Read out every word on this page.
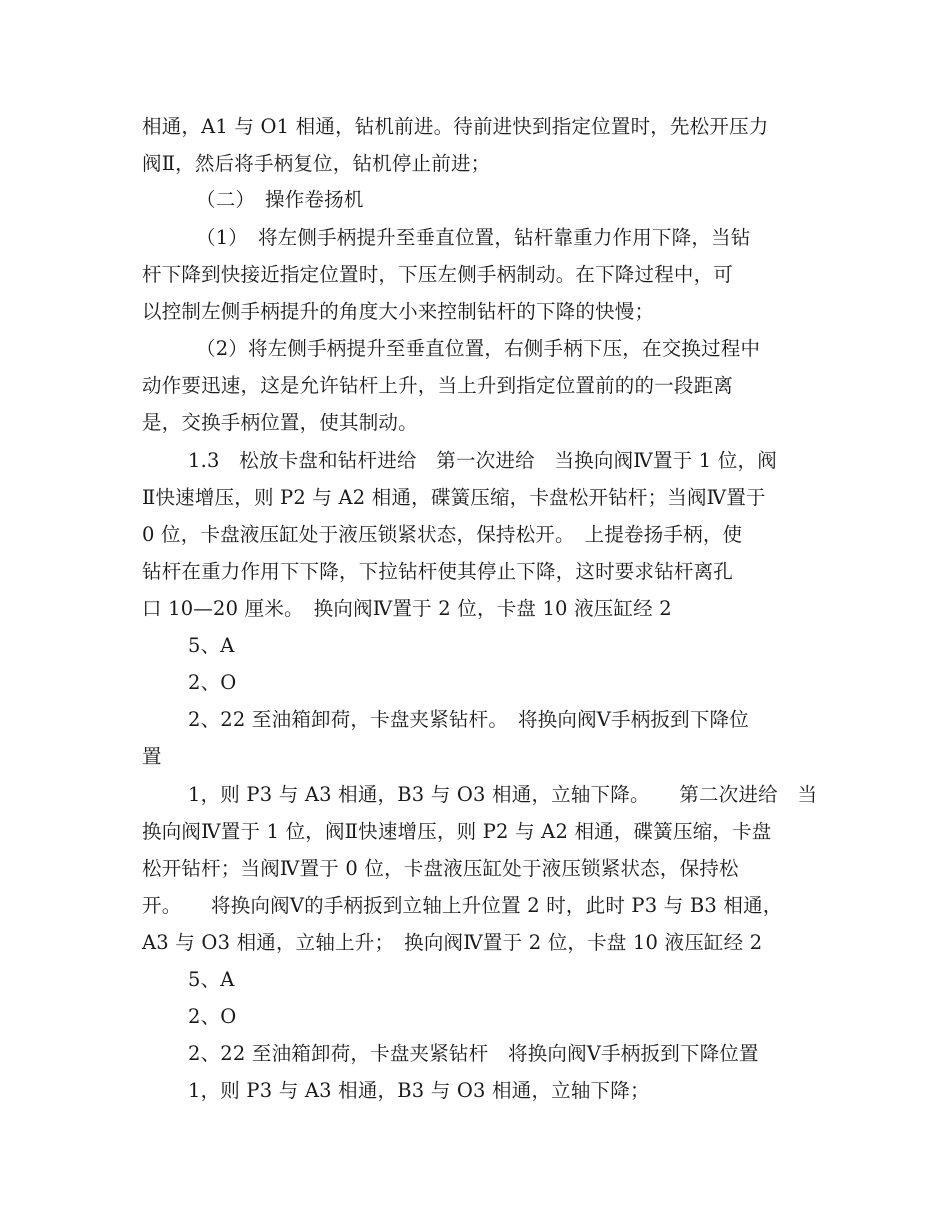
相通，A1 与 O1 相通，钻机前进。待前进快到指定位置时，先松开压力
阀Ⅱ，然后将手柄复位，钻机停止前进；
（二）　操作卷扬机
（1）　将左侧手柄提升至垂直位置，钻杆靠重力作用下降，当钻
杆下降到快接近指定位置时，下压左侧手柄制动。在下降过程中，可
以控制左侧手柄提升的角度大小来控制钻杆的下降的快慢；
（2）将左侧手柄提升至垂直位置，右侧手柄下压，在交换过程中
动作要迅速，这是允许钻杆上升，当上升到指定位置前的的一段距离
是，交换手柄位置，使其制动。
1.3　松放卡盘和钻杆进给　第一次进给　当换向阀Ⅳ置于 1 位，阀
Ⅱ快速增压，则 P2 与 A2 相通，碟簧压缩，卡盘松开钻杆；当阀Ⅳ置于
0 位，卡盘液压缸处于液压锁紧状态，保持松开。　上提卷扬手柄，使
钻杆在重力作用下下降，下拉钻杆使其停止下降，这时要求钻杆离孔
口 10—20 厘米。　换向阀Ⅳ置于 2 位，卡盘 10 液压缸经 2
5、A
2、O
2、22 至油箱卸荷，卡盘夹紧钻杆。　将换向阀Ⅴ手柄扳到下降位
置
1，则 P3 与 A3 相通，B3 与 O3 相通，立轴下降。　　第二次进给　当
换向阀Ⅳ置于 1 位，阀Ⅱ快速增压，则 P2 与 A2 相通，碟簧压缩，卡盘
松开钻杆；当阀Ⅳ置于 0 位，卡盘液压缸处于液压锁紧状态，保持松
开。　　将换向阀Ⅴ的手柄扳到立轴上升位置 2 时，此时 P3 与 B3 相通，
A3 与 O3 相通，立轴上升；　换向阀Ⅳ置于 2 位，卡盘 10 液压缸经 2
5、A
2、O
2、22 至油箱卸荷，卡盘夹紧钻杆　将换向阀Ⅴ手柄扳到下降位置
1，则 P3 与 A3 相通，B3 与 O3 相通，立轴下降；
